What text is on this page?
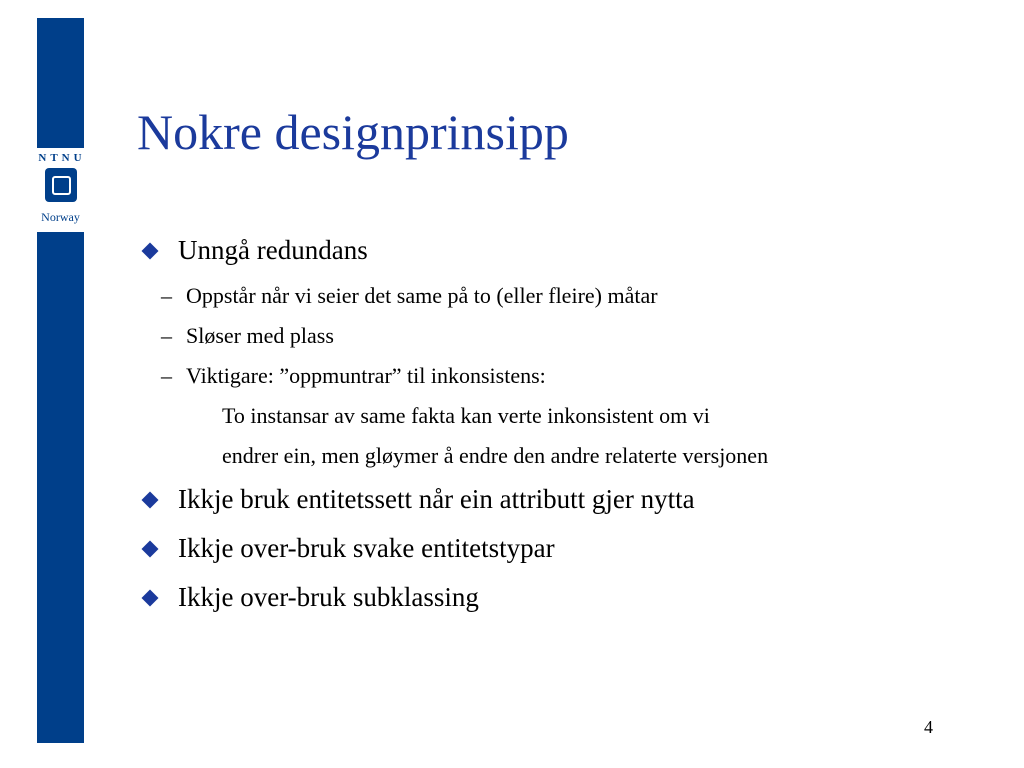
NTNU
Norway
Nokre designprinsipp
Unngå redundans
– Oppstår når vi seier det same på to (eller fleire) måtar
– Sløser med plass
– Viktigare: ”oppmuntrar” til inkonsistens:
To instansar av same fakta kan verte inkonsistent om vi
endrer ein, men gløymer å endre den andre relaterte versjonen
Ikkje bruk entitetssett når ein attributt gjer nytta
Ikkje over-bruk svake entitetstypar
Ikkje over-bruk subklassing
4
